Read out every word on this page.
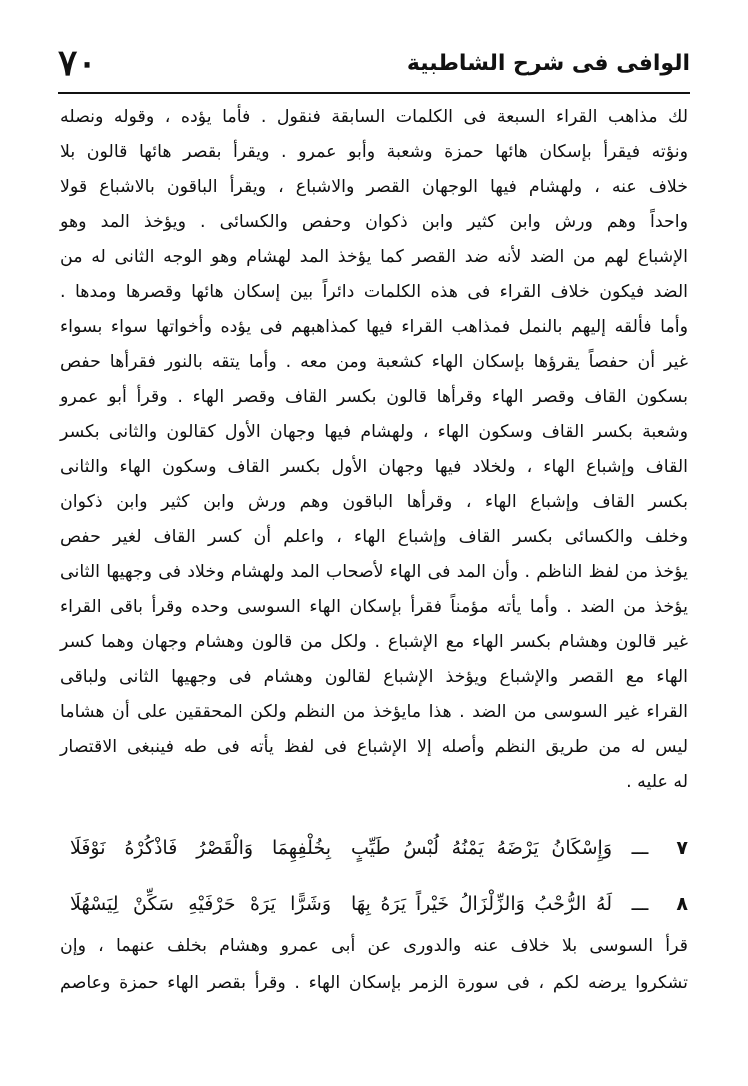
٧٠	الوافى فى شرح الشاطبية
لك مذاهب القراء السبعة فى الكلمات السابقة فنقول . فأما يؤده ، وقوله ونصله
ونؤته فيقرأ بإسكان هائها حمزة وشعبة وأبو عمرو . ويقرأ بقصر هائها قالون بلا
خلاف عنه ، ولهشام فيها الوجهان القصر والاشباع ، ويقرأ الباقون بالاشباع قولا
واحداً وهم ورش وابن كثير وابن ذكوان وحفص والكسائى . ويؤخذ المد وهو
الإشباع لهم من الضد لأنه ضد القصر كما يؤخذ المد لهشام وهو الوجه الثانى له من
الضد فيكون خلاف القراء فى هذه الكلمات دائراً بين إسكان هائها وقصرها ومدها .
وأما فألقه إليهم بالنمل فمذاهب القراء فيها كمذاهبهم فى يؤده وأخواتها سواء بسواء
غير أن حفصاً يقرؤها بإسكان الهاء كشعبة ومن معه . وأما يتقه بالنور فقرأها حفص
بسكون القاف وقصر الهاء وقرأها قالون بكسر القاف وقصر الهاء . وقرأ أبو عمرو
وشعبة بكسر القاف وسكون الهاء ، ولهشام فيها وجهان الأول كقالون والثانى بكسر
القاف وإشباع الهاء ، ولخلاد فيها وجهان الأول بكسر القاف وسكون الهاء والثانى
بكسر القاف وإشباع الهاء ، وقرأها الباقون وهم ورش وابن كثير وابن ذكوان
وخلف والكسائى بكسر القاف وإشباع الهاء ، واعلم أن كسر القاف لغير حفص
يؤخذ من لفظ الناظم . وأن المد فى الهاء لأصحاب المد ولهشام وخلاد فى وجهيها الثانى
يؤخذ من الضد . وأما يأته مؤمناً فقرأ بإسكان الهاء السوسى وحده وقرأ باقى القراء
غير قالون وهشام بكسر الهاء مع الإشباع . ولكل من قالون وهشام وجهان وهما كسر
الهاء مع القصر والإشباع ويؤخذ الإشباع لقالون وهشام فى وجهيها الثانى ولباقى
القراء غير السوسى من الضد . هذا مايؤخذ من النظم ولكن المحققين على أن هشاما
ليس له من طريق النظم وأصله إلا الإشباع فى لفظ يأته فى طه فينبغى الاقتصار
له عليه .
٧
ـــ
وَإِسْكَانُ يَرْضَهُ يَمْنُهُ لُبْسُ طَيِّبٍ
بِخُلْفِهِمَا وَالْقَصْرُ فَاذْكُرْهُ نَوْفَلَا
٨
ـــ
لَهُ الرُّحْبُ وَالزِّلْزَالُ خَيْراً يَرَهُ بِهَا
وَشَرًّا يَرَهْ حَرْفَيْهِ سَكِّنْ لِيَسْهُلَا
قرأ السوسى بلا خلاف عنه والدورى عن أبى عمرو وهشام بخلف عنهما ، وإن
تشكروا يرضه لكم ، فى سورة الزمر بإسكان الهاء . وقرأ بقصر الهاء حمزة وعاصم
